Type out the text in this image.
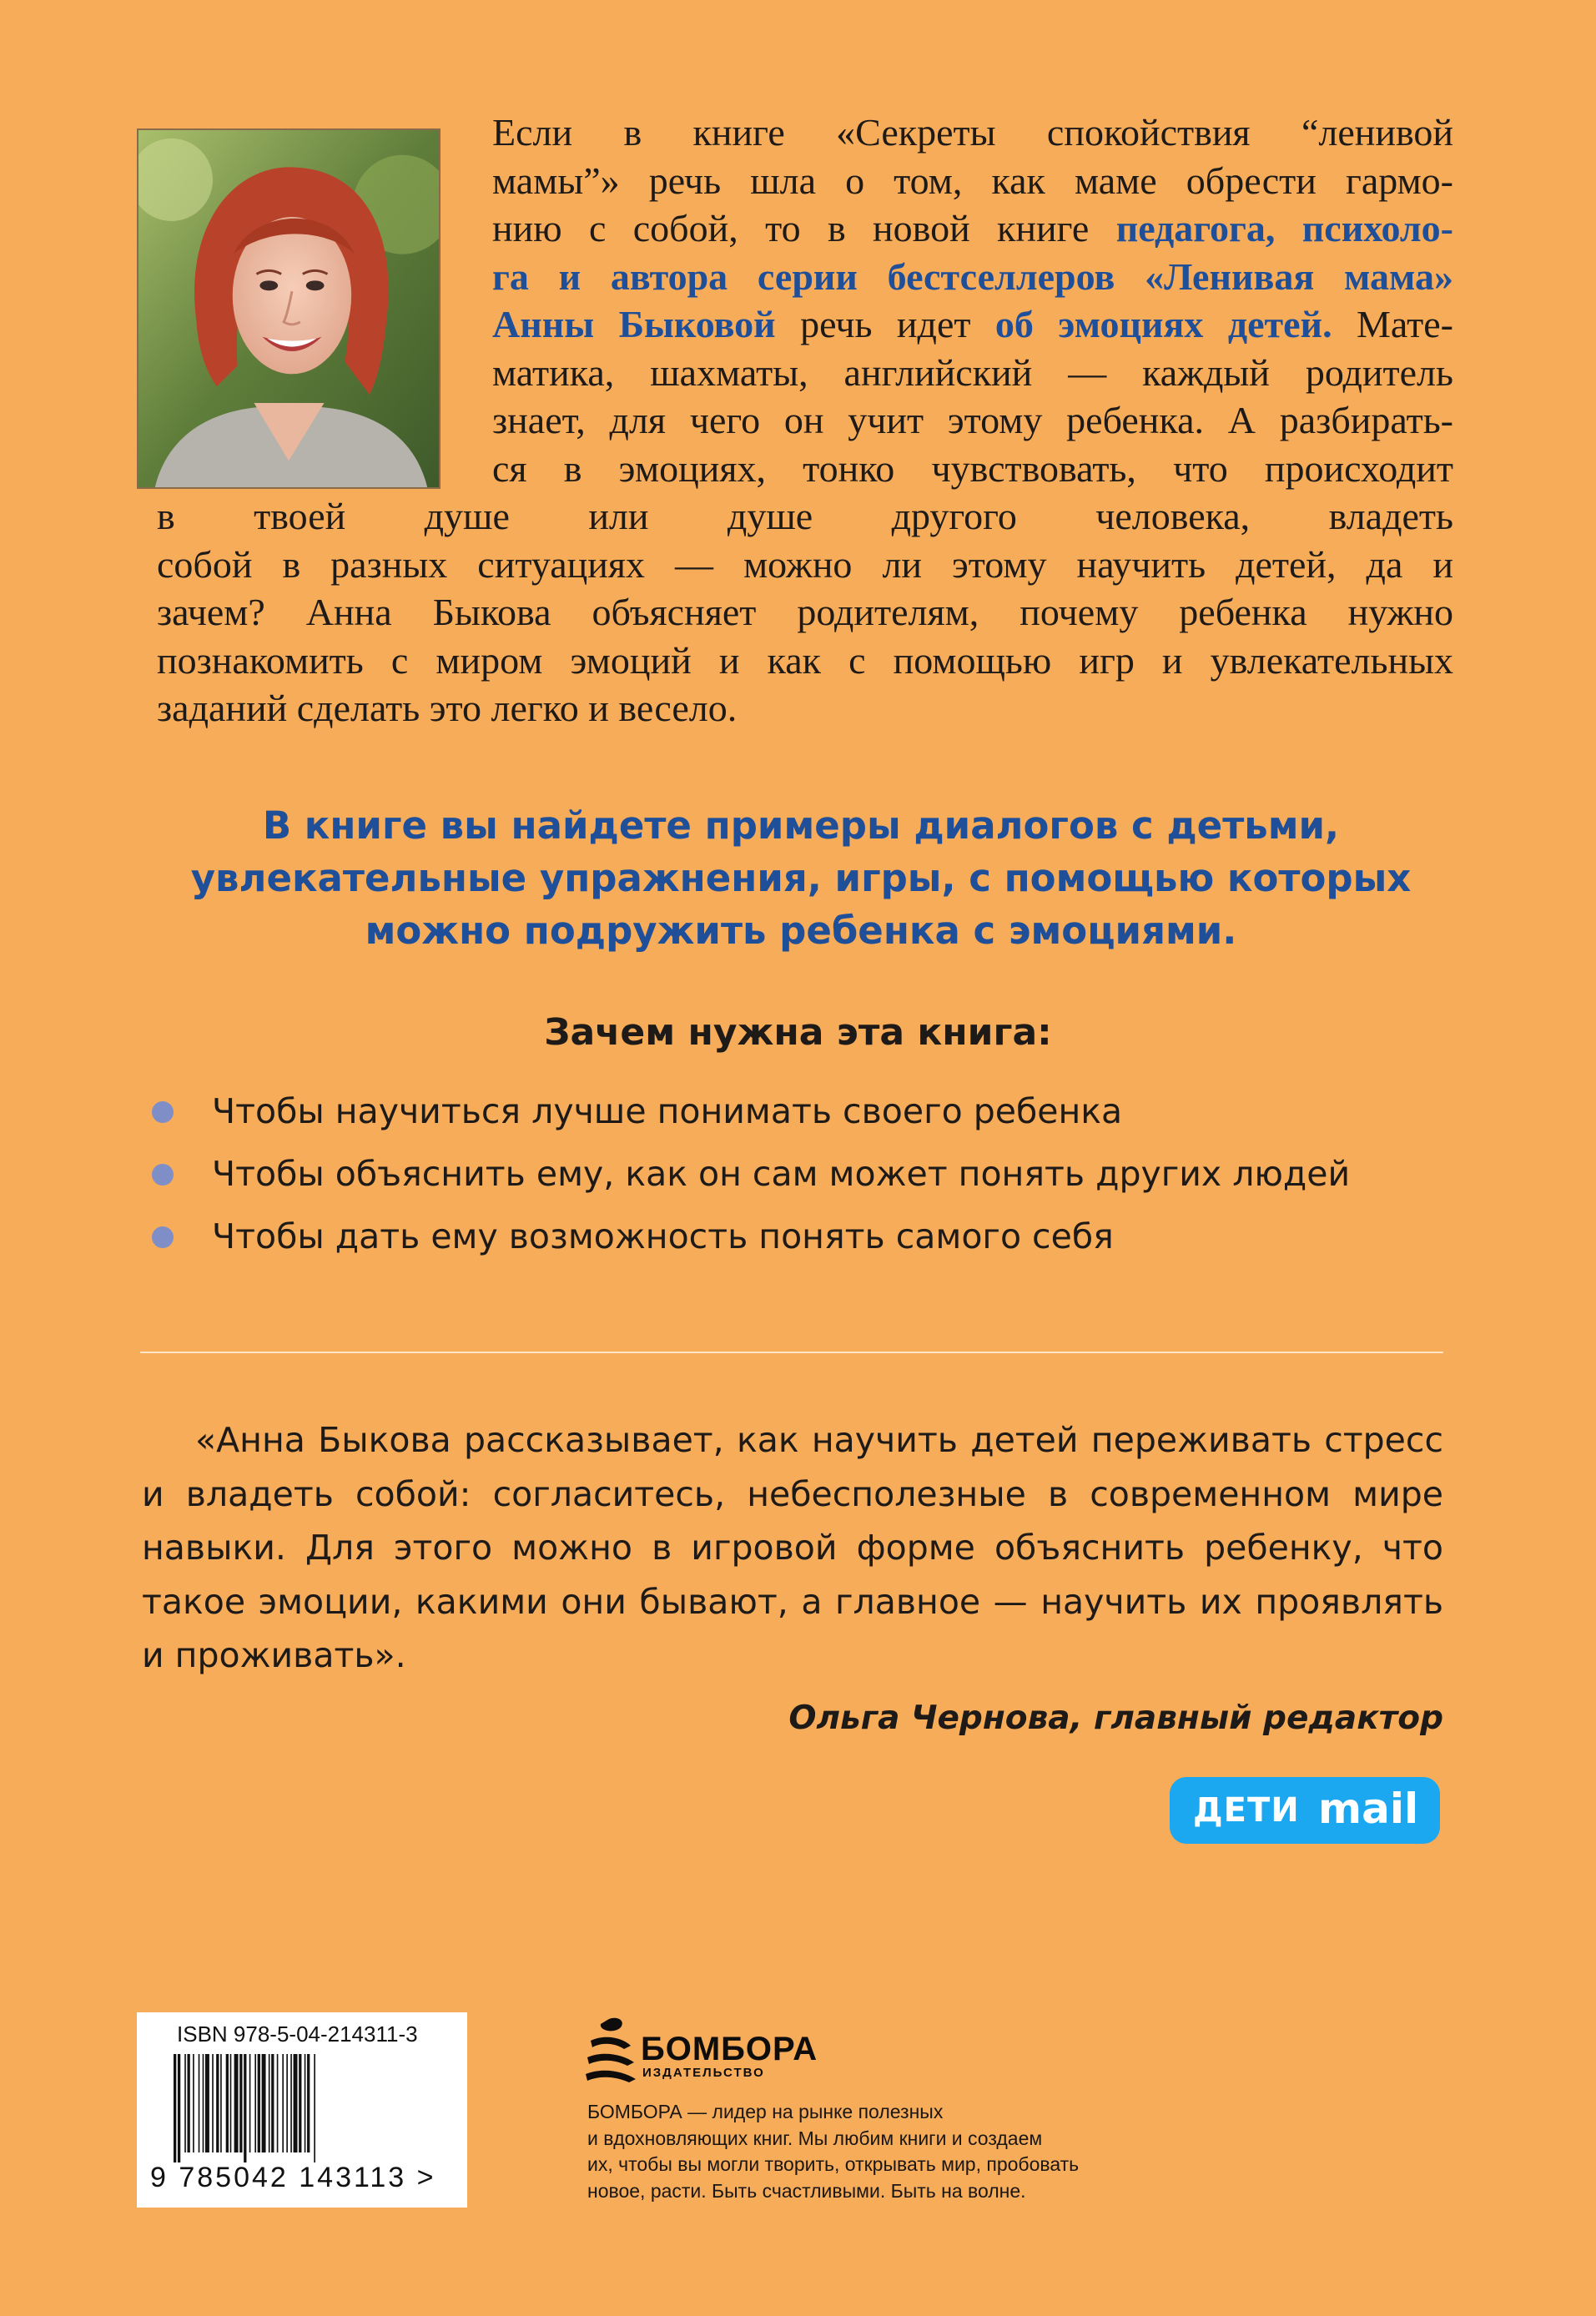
Если в книге «Секреты спокойствия “ленивой
мамы”» речь шла о том, как маме обрести гармо-
нию с собой, то в новой книге педагога, психоло-
га и автора серии бестселлеров «Ленивая мама»
Анны Быковой речь идет об эмоциях детей. Мате-
матика, шахматы, английский — каждый родитель
знает, для чего он учит этому ребенка. А разбирать-
ся в эмоциях, тонко чувствовать, что происходит
в твоей душе или душе другого человека, владеть
собой в разных ситуациях — можно ли этому научить детей, да и
зачем? Анна Быкова объясняет родителям, почему ребенка нужно
познакомить с миром эмоций и как с помощью игр и увлекательных
заданий сделать это легко и весело.
В книге вы найдете примеры диалогов с детьми,
увлекательные упражнения, игры, с помощью которых
можно подружить ребенка с эмоциями.
Зачем нужна эта книга:
Чтобы научиться лучше понимать своего ребенка
Чтобы объяснить ему, как он сам может понять других людей
Чтобы дать ему возможность понять самого себя
«Анна Быкова рассказывает, как научить детей переживать стресс
и владеть собой: согласитесь, небесполезные в современном мире
навыки. Для этого можно в игровой форме объяснить ребенку, что
такое эмоции, какими они бывают, а главное — научить их проявлять
и проживать».
Ольга Чернова, главный редактор
ДЕТИ mail
ISBN 978-5-04-214311-3
9 785042 143113 >
БОМБОРА
ИЗДАТЕЛЬСТВО
БОМБОРА — лидер на рынке полезных
и вдохновляющих книг. Мы любим книги и создаем
их, чтобы вы могли творить, открывать мир, пробовать
новое, расти. Быть счастливыми. Быть на волне.
